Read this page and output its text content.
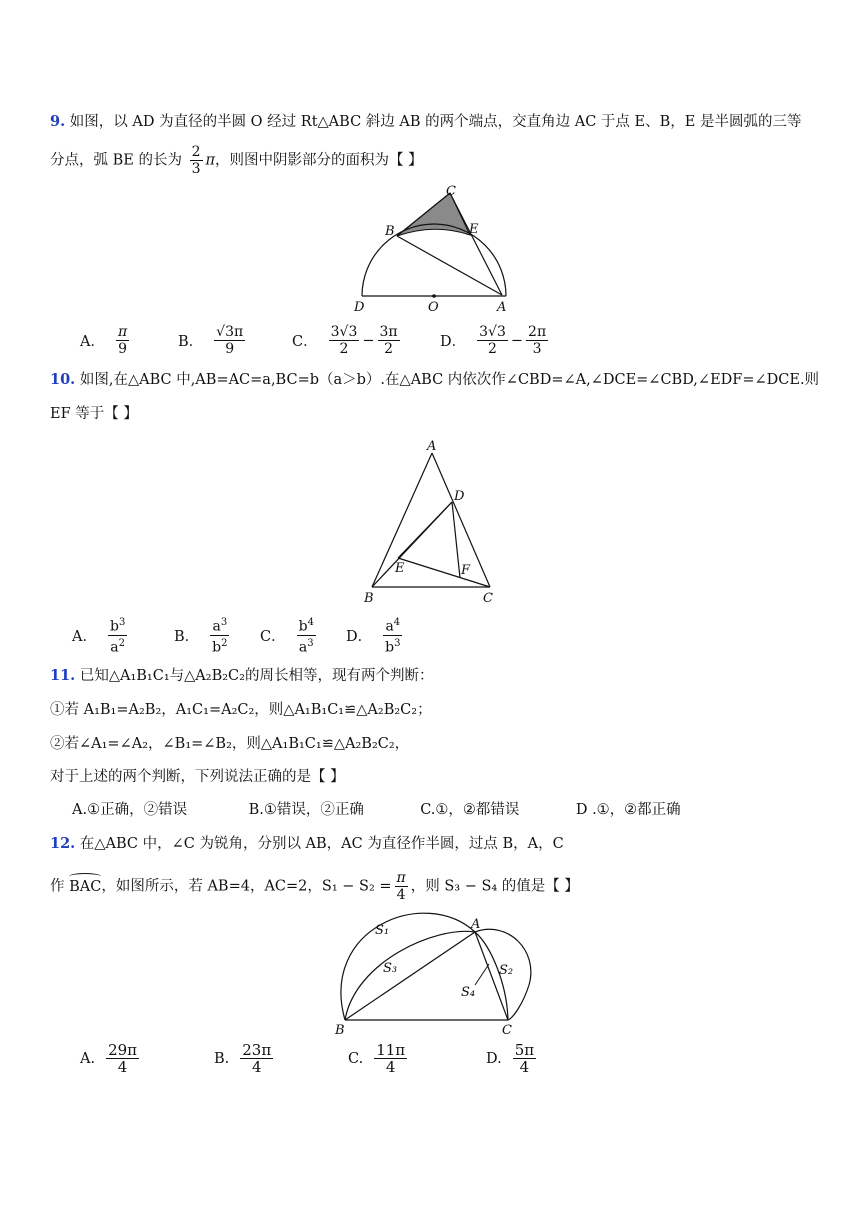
9. 如图，以 AD 为直径的半圆 O 经过 Rt△ABC 斜边 AB 的两个端点，交直角边 AC 于点 E、B，E 是半圆弧的三等
分点，弧 BE 的长为 $\frac{2}{3}$ π，则图中阴影部分的面积为【 】
C
B	E
D	O	A
A． $\frac{\pi}{9}$	B． $\frac{√3\pi}{9}$	C． $\frac{3√3}{2} - \frac{3\pi}{2}$	D． $\frac{3√3}{2} - \frac{2\pi}{3}$
10. 如图,在△ABC 中,AB=AC=a,BC=b（a＞b）.在△ABC 内依次作∠CBD=∠A,∠DCE=∠CBD,∠EDF=∠DCE.则
EF 等于【 】
A
D
E	F
B	C
A． $\frac{b^3}{a^2}$	B． $\frac{a^3}{b^2}$ C． $\frac{b^4}{a^3}$ D． $\frac{a^4}{b^3}$
11. 已知△A₁B₁C₁与△A₂B₂C₂的周长相等，现有两个判断：
①若 A₁B₁=A₂B₂，A₁C₁=A₂C₂，则△A₁B₁C₁≌△A₂B₂C₂；
②若∠A₁=∠A₂，∠B₁=∠B₂，则△A₁B₁C₁≌△A₂B₂C₂，
对于上述的两个判断，下列说法正确的是【 】
A.①正确，②错误	B.①错误，②正确	C.①，②都错误	D .①，②都正确
12. 在△ABC 中，∠C 为锐角，分别以 AB，AC 为直径作半圆，过点 B，A，C
作 BAC，如图所示，若 AB=4，AC=2，$S_1 - S_2 = \frac{\pi}{4}$ ，则 S₃ − S₄ 的值是【 】
S₁
S₃	S₂
S₄
A
B	C
A. $\frac{29\pi}{4}$	B. $\frac{23\pi}{4}$	C. $\frac{11\pi}{4}$	D. $\frac{5\pi}{4}$
